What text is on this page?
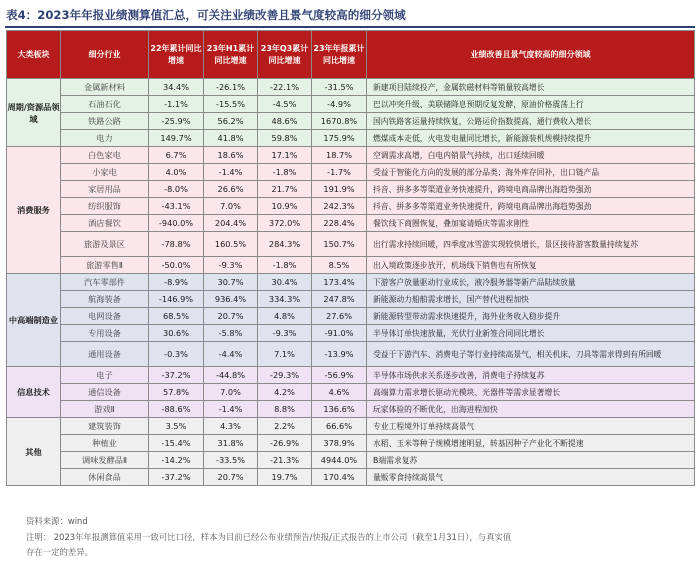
表4：2023年年报业绩测算值汇总，可关注业绩改善且景气度较高的细分领域
大类板块	细分行业	22年累计同比增速	23年H1累计同比增速	23年Q3累计同比增速	23年年报累计同比增速	业绩改善且景气度较高的细分领域
周期/资源品领域	金属新材料	34.4%	-26.1%	-22.1%	-31.5%	新建项目陆续投产，金属软磁材料等销量较高增长
	石油石化	-1.1%	-15.5%	-4.5%	-4.9%	巴以冲突升级、美联储降息预期反复发酵，原油价格震荡上行
	铁路公路	-25.9%	56.2%	48.6%	1670.8%	国内铁路客运量持续恢复，公路运价指数提高，通行费收入增长
	电力	149.7%	41.8%	59.8%	175.9%	燃煤成本走低，火电发电量同比增长，新能源装机规模持续提升
消费服务	白色家电	6.7%	18.6%	17.1%	18.7%	空调需求高增，白电内销景气持续，出口延续回暖
	小家电	4.0%	-1.4%	-1.8%	-1.7%	受益于智能化方向的发展的部分品类；海外库存回补，出口链产品
	家居用品	-8.0%	26.6%	21.7%	191.9%	抖音、拼多多等渠道业务快速提升，跨境电商品牌出海趋势强劲
	纺织服饰	-43.1%	7.0%	10.9%	242.3%	抖音、拼多多等渠道业务快速提升，跨境电商品牌出海趋势强劲
	酒店餐饮	-940.0%	204.4%	372.0%	228.4%	餐饮线下商圈恢复，叠加宴请婚庆等需求刚性
	旅游及景区	-78.8%	160.5%	284.3%	150.7%	出行需求持续回暖，四季度冰雪游实现较快增长，景区接待游客数量持续复苏
	旅游零售Ⅱ	-50.0%	-9.3%	-1.8%	8.5%	出入境政策逐步放开，机场线下销售也有所恢复
中高端制造业	汽车零部件	-8.9%	30.7%	30.4%	173.4%	下游客户放量驱动行业成长，液冷服务器等新产品陆续放量
	航海装备	-146.9%	936.4%	334.3%	247.8%	新能源动力船舶需求增长，国产替代进程加快
	电网设备	68.5%	20.7%	4.8%	27.6%	新能源转型带动需求快速提升，海外业务收入稳步提升
	专用设备	30.6%	-5.8%	-9.3%	-91.0%	半导体订单快速放量，光伏行业新签合同同比增长
	通用设备	-0.3%	-4.4%	7.1%	-13.9%	受益于下游汽车、消费电子等行业持续高景气，相关机床、刀具等需求得到有所回暖
信息技术	电子	-37.2%	-44.8%	-29.3%	-56.9%	半导体市场供求关系逐步改善，消费电子持续复苏
	通信设备	57.8%	7.0%	4.2%	4.6%	高端算力需求增长驱动光模块、光器件等需求显著增长
	游戏Ⅱ	-88.6%	-1.4%	8.8%	136.6%	玩家体验的不断优化，出海进程加快
其他	建筑装饰	3.5%	4.3%	2.2%	66.6%	专业工程境外订单持续高景气
	种植业	-15.4%	31.8%	-26.9%	378.9%	水稻、玉米等种子规模增速明显，转基因种子产业化不断提速
	调味发酵品Ⅱ	-14.2%	-33.5%	-21.3%	4944.0%	B端需求复苏
	休闲食品	-37.2%	20.7%	19.7%	170.4%	量贩零食持续高景气
资料来源：wind
注明： 2023年年报测算值采用一致可比口径，样本为目前已经公布业绩预告/快报/正式报告的上市公司（截至1月31日），与真实值
存在一定的差异。
